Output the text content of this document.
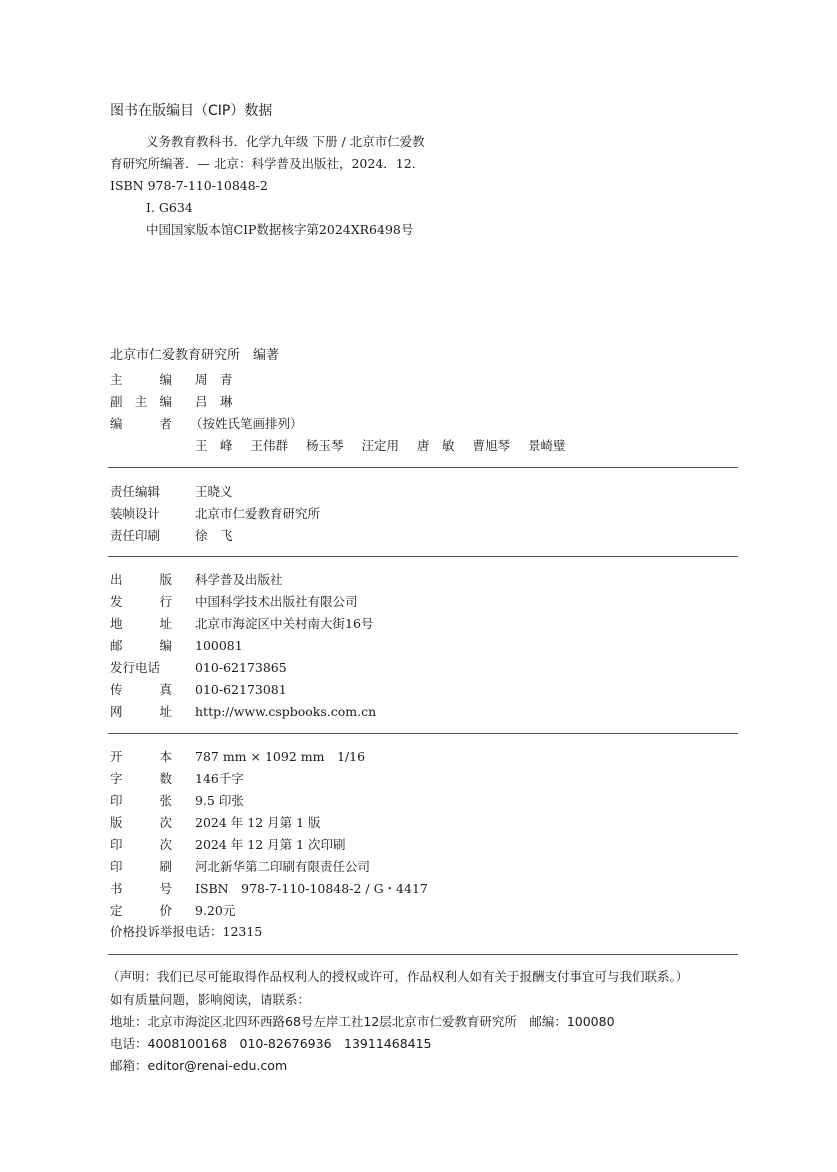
图书在版编目（CIP）数据
义务教育教科书．化学九年级 下册 / 北京市仁爱教
育研究所编著．— 北京：科学普及出版社，2024．12．
ISBN 978-7-110-10848-2
Ⅰ. G634
中国国家版本馆CIP数据核字第2024XR6498号
北京市仁爱教育研究所　编著
主	编 周　青
副 主 编 吕　琳
编	者 （按姓氏笔画排列）
王　峰 王伟群 杨玉琴 汪定用 唐　敏 曹旭琴 景崎璧
责任编辑	王晓义
装帧设计	北京市仁爱教育研究所
责任印刷	徐　飞
出	版 科学普及出版社
发	行 中国科学技术出版社有限公司
地	址 北京市海淀区中关村南大街16号
邮	编 100081
发行电话	010-62173865
传	真 010-62173081
网	址 http://www.cspbooks.com.cn
开	本 787 mm × 1092 mm　1/16
字	数 146千字
印	张 9.5 印张
版	次 2024 年 12 月第 1 版
印	次 2024 年 12 月第 1 次印刷
印	刷 河北新华第二印刷有限责任公司
书	号 ISBN　978-7-110-10848-2 / G・4417
定	价 9.20元
价格投诉举报电话：12315
（声明：我们已尽可能取得作品权利人的授权或许可，作品权利人如有关于报酬支付事宜可与我们联系。）
如有质量问题，影响阅读，请联系：
地址：北京市海淀区北四环西路68号左岸工社12层北京市仁爱教育研究所　邮编：100080
电话：4008100168　010-82676936　13911468415
邮箱：editor@renai-edu.com
